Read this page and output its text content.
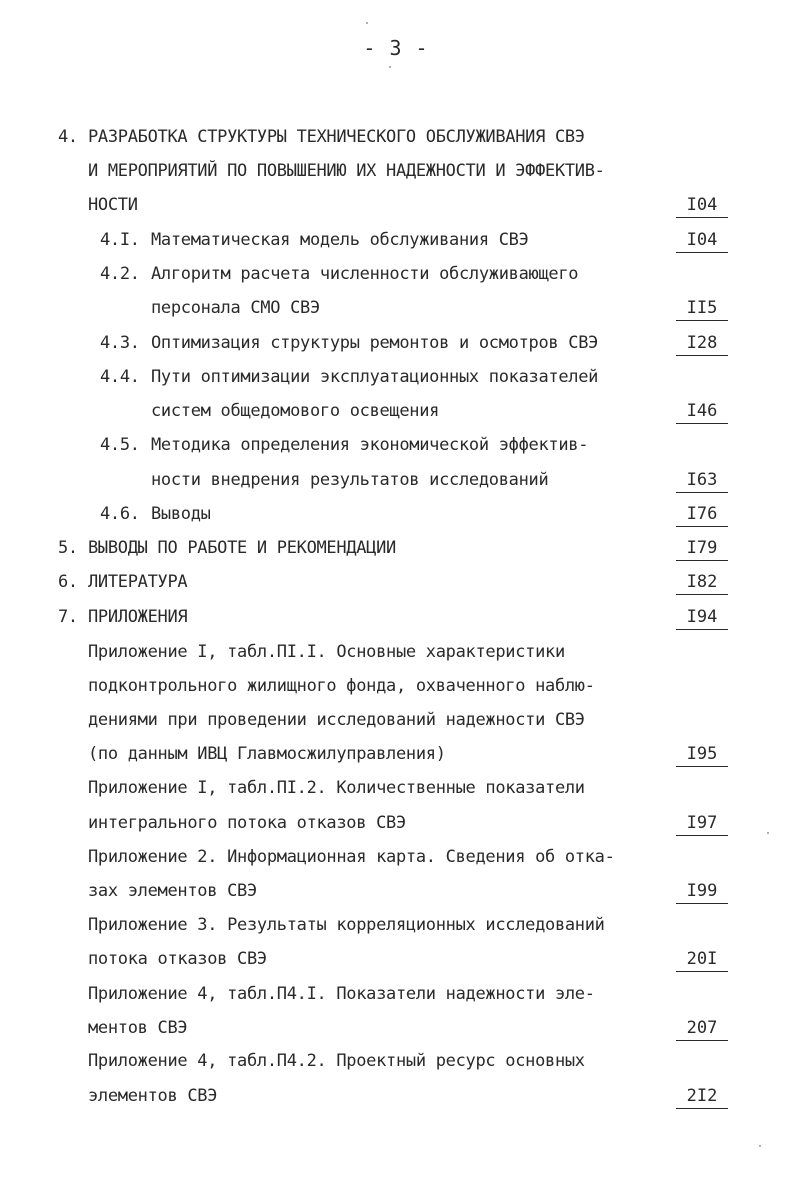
- 3 -
4. РАЗРАБОТКА СТРУКТУРЫ ТЕХНИЧЕСКОГО ОБСЛУЖИВАНИЯ СВЭ
И МЕРОПРИЯТИЙ ПО ПОВЫШЕНИЮ ИХ НАДЕЖНОСТИ И ЭФФЕКТИВ-
НОСТИ	I04
4.I. Математическая модель обслуживания СВЭ	I04
4.2. Алгоритм расчета численности обслуживающего
персонала СМО СВЭ	II5
4.3. Оптимизация структуры ремонтов и осмотров СВЭ	I28
4.4. Пути оптимизации эксплуатационных показателей
систем общедомового освещения	I46
4.5. Методика определения экономической эффектив-
ности внедрения результатов исследований	I63
4.6. Выводы	I76
5. ВЫВОДЫ ПО РАБОТЕ И РЕКОМЕНДАЦИИ	I79
6. ЛИТЕРАТУРА	I82
7. ПРИЛОЖЕНИЯ	I94
Приложение I, табл.ПI.I. Основные характеристики
подконтрольного жилищного фонда, охваченного наблю-
дениями при проведении исследований надежности СВЭ
(по данным ИВЦ Главмосжилуправления)	I95
Приложение I, табл.ПI.2. Количественные показатели
интегрального потока отказов СВЭ	I97
Приложение 2. Информационная карта. Сведения об отка-
зах элементов СВЭ	I99
Приложение 3. Результаты корреляционных исследований
потока отказов СВЭ	20I
Приложение 4, табл.П4.I. Показатели надежности эле-
ментов СВЭ	207
Приложение 4, табл.П4.2. Проектный ресурс основных
элементов СВЭ	2I2
